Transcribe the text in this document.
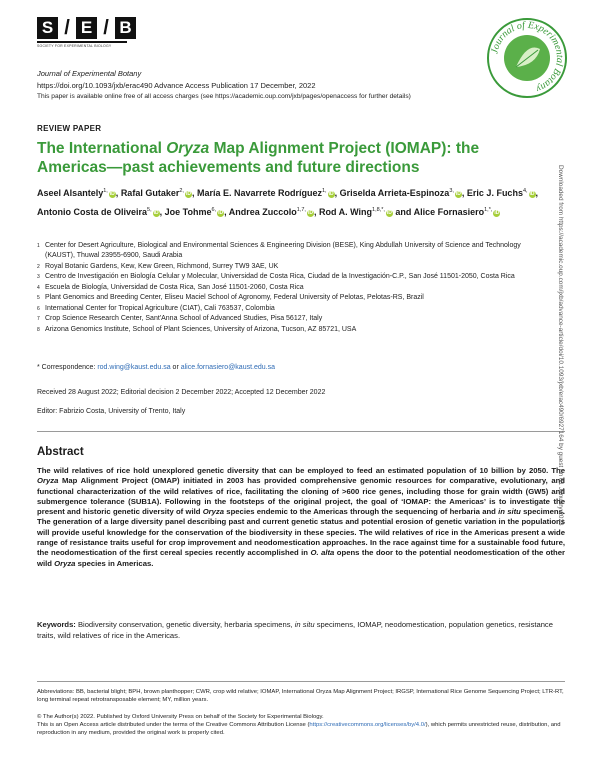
S / E / B
SOCIETY FOR EXPERIMENTAL BIOLOGY
Journal of Experimental Botany
Journal of Experimental Botany
https://doi.org/10.1093/jxb/erac490 Advance Access Publication 17 December, 2022
This paper is available online free of all access charges (see https://academic.oup.com/jxb/pages/openaccess for further details)
REVIEW PAPER
The International Oryza Map Alignment Project (IOMAP): the Americas—past achievements and future directions
Aseel Alsantely$^{1,}$ iD, Rafal Gutaker$^{2,}$ iD, María E. Navarrete Rodríguez$^{1,}$ iD, Griselda Arrieta-Espinoza$^{3,}$ iD, Eric J. Fuchs$^{4,}$ iD, Antonio Costa de Oliveira$^{5,}$ iD, Joe Tohme$^{6,}$ iD, Andrea Zuccolo$^{1,7,}$ iD, Rod A. Wing$^{1,8,*,}$ iD and Alice Fornasiero$^{1,*,}$ iD
1 Center for Desert Agriculture, Biological and Environmental Sciences & Engineering Division (BESE), King Abdullah University of Science and Technology (KAUST), Thuwal 23955-6900, Saudi Arabia
2 Royal Botanic Gardens, Kew, Kew Green, Richmond, Surrey TW9 3AE, UK
3 Centro de Investigación en Biología Celular y Molecular, Universidad de Costa Rica, Ciudad de la Investigación-C.P., San José 11501-2050, Costa Rica
4 Escuela de Biología, Universidad de Costa Rica, San José 11501-2060, Costa Rica
5 Plant Genomics and Breeding Center, Eliseu Maciel School of Agronomy, Federal University of Pelotas, Pelotas-RS, Brazil
6 International Center for Tropical Agriculture (CIAT), Cali 763537, Colombia
7 Crop Science Research Center, Sant'Anna School of Advanced Studies, Pisa 56127, Italy
8 Arizona Genomics Institute, School of Plant Sciences, University of Arizona, Tucson, AZ 85721, USA
* Correspondence: rod.wing@kaust.edu.sa or alice.fornasiero@kaust.edu.sa
Received 28 August 2022; Editorial decision 2 December 2022; Accepted 12 December 2022
Editor: Fabrizio Costa, University of Trento, Italy
Abstract
The wild relatives of rice hold unexplored genetic diversity that can be employed to feed an estimated population of 10 billion by 2050. The Oryza Map Alignment Project (OMAP) initiated in 2003 has provided comprehensive genomic resources for comparative, evolutionary, and functional characterization of the wild relatives of rice, facilitating the cloning of >600 rice genes, including those for grain width (GW5) and submergence tolerance (SUB1A). Following in the footsteps of the original project, the goal of ‘IOMAP: the Americas’ is to investigate the present and historic genetic diversity of wild Oryza species endemic to the Americas through the sequencing of herbaria and in situ specimens. The generation of a large diversity panel describing past and current genetic status and potential erosion of genetic variation in the populations will provide useful knowledge for the conservation of the biodiversity in these species. The wild relatives of rice in the Americas present a wide range of resistance traits useful for crop improvement and neodomestication approaches. In the race against time for a sustainable food future, the neodomestication of the first cereal species recently accomplished in O. alta opens the door to the potential neodomestication of the other wild Oryza species in Americas.
Keywords: Biodiversity conservation, genetic diversity, herbaria specimens, in situ specimens, IOMAP, neodomestication, population genetics, resistance traits, wild relatives of rice in the Americas.
Abbreviations: BB, bacterial blight; BPH, brown planthopper; CWR, crop wild relative; IOMAP, International Oryza Map Alignment Project; IRGSP, International Rice Genome Sequencing Project; LTR-RT, long terminal repeat retrotransposable element; MY, million years.
© The Author(s) 2022. Published by Oxford University Press on behalf of the Society for Experimental Biology.
This is an Open Access article distributed under the terms of the Creative Commons Attribution License (https://creativecommons.org/licenses/by/4.0/), which permits unrestricted reuse, distribution, and reproduction in any medium, provided the original work is properly cited.
Downloaded from https://academic.oup.com/jxb/advance-article/doi/10.1093/jxb/erac490/6927164 by guest on 01 January 2023
